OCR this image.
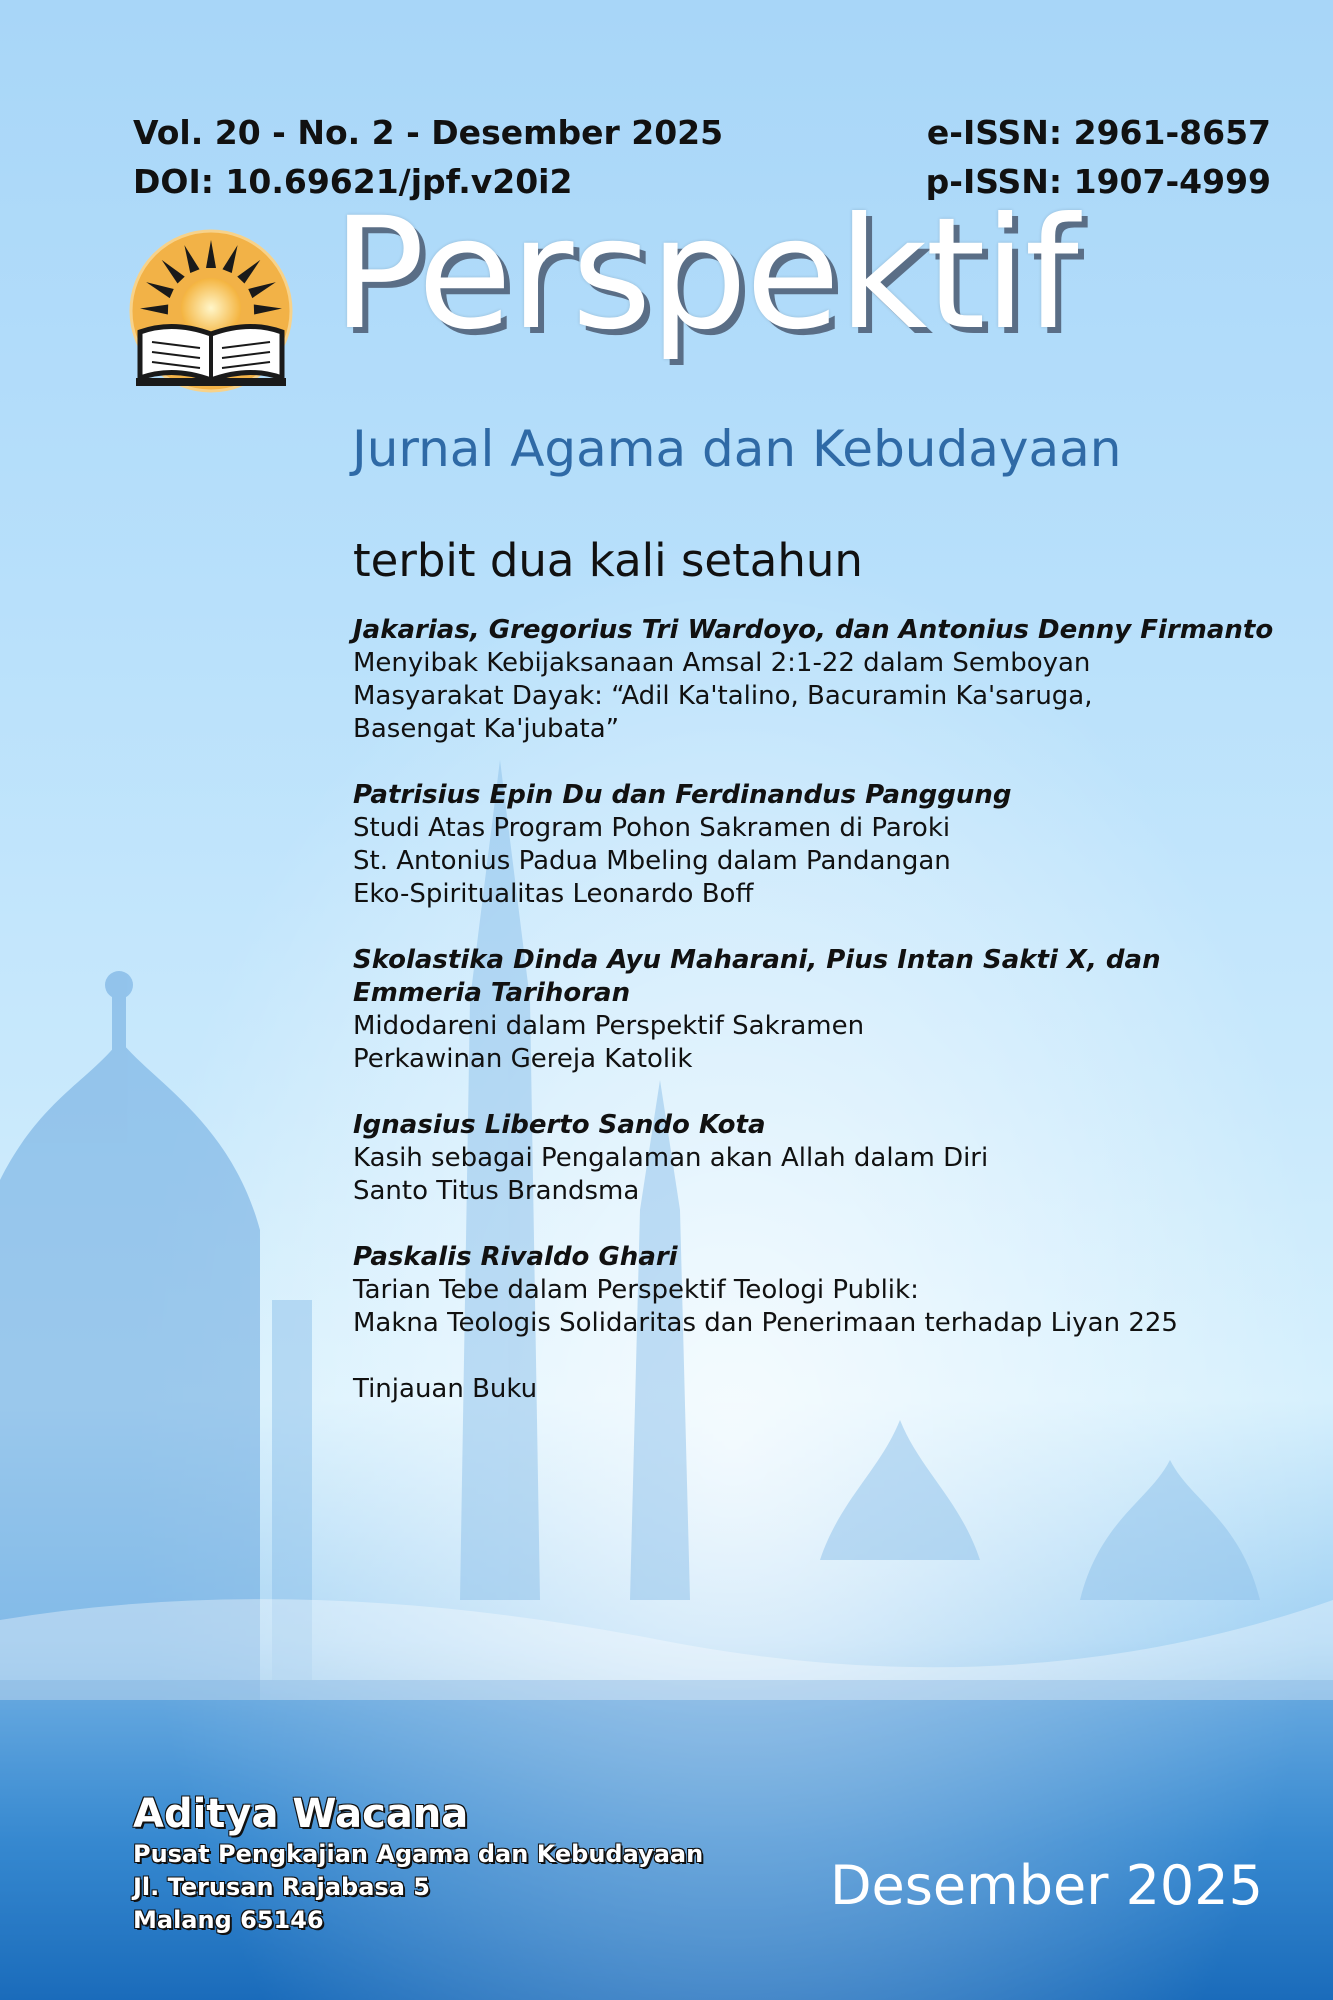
Vol. 20 - No. 2 - Desember 2025
DOI: 10.69621/jpf.v20i2
e-ISSN: 2961-8657
p-ISSN: 1907-4999
Perspektif
Jurnal Agama dan Kebudayaan
terbit dua kali setahun
Jakarias, Gregorius Tri Wardoyo, dan Antonius Denny Firmanto
Menyibak Kebijaksanaan Amsal 2:1-22 dalam Semboyan
Masyarakat Dayak: “Adil Ka'talino, Bacuramin Ka'saruga,
Basengat Ka'jubata”
Patrisius Epin Du dan Ferdinandus Panggung
Studi Atas Program Pohon Sakramen di Paroki
St. Antonius Padua Mbeling dalam Pandangan
Eko-Spiritualitas Leonardo Boff
Skolastika Dinda Ayu Maharani, Pius Intan Sakti X, dan
Emmeria Tarihoran
Midodareni dalam Perspektif Sakramen
Perkawinan Gereja Katolik
Ignasius Liberto Sando Kota
Kasih sebagai Pengalaman akan Allah dalam Diri
Santo Titus Brandsma
Paskalis Rivaldo Ghari
Tarian Tebe dalam Perspektif Teologi Publik:
Makna Teologis Solidaritas dan Penerimaan terhadap Liyan 225
Tinjauan Buku
Aditya Wacana
Pusat Pengkajian Agama dan Kebudayaan
Jl. Terusan Rajabasa 5
Malang 65146
Desember 2025
